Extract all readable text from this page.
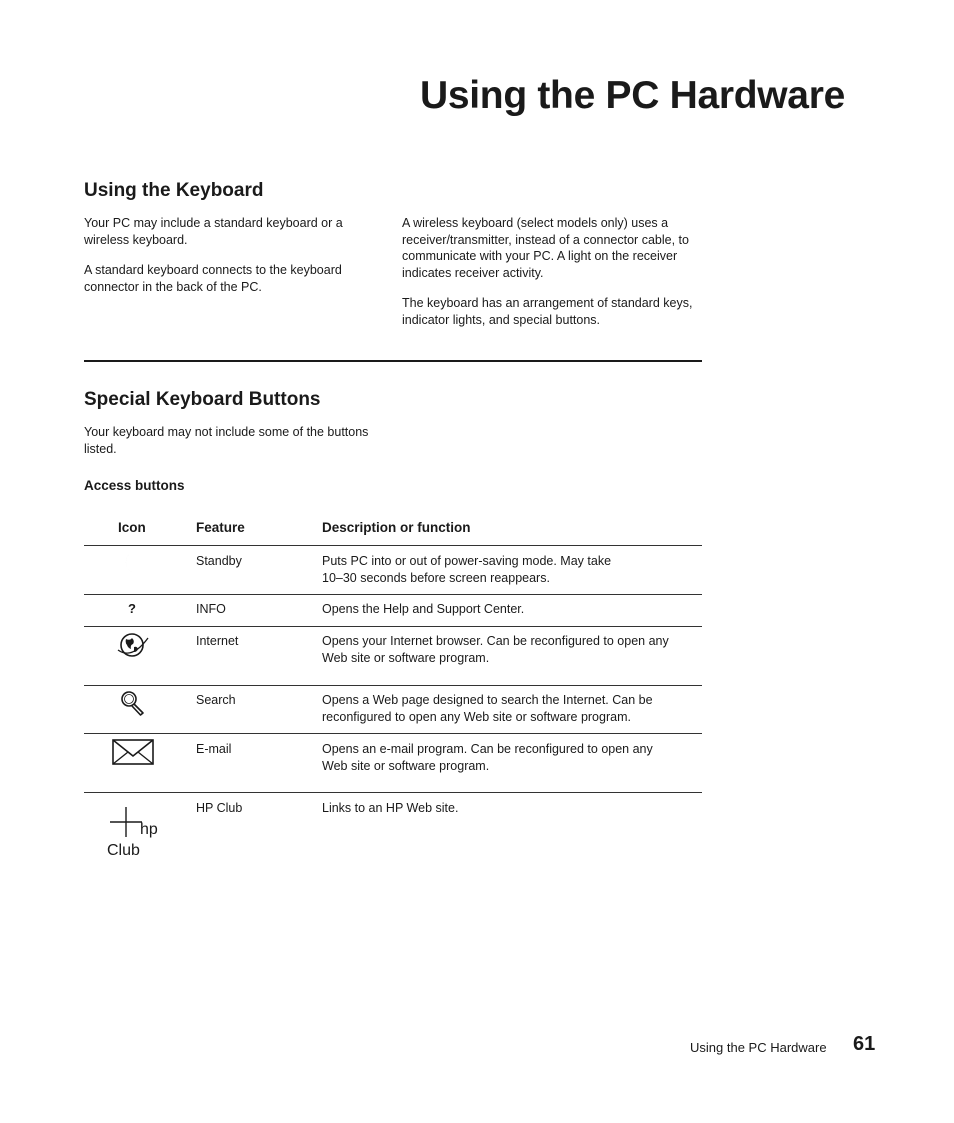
Using the PC Hardware
Using the Keyboard

Your PC may include a standard keyboard or a wireless keyboard.

A standard keyboard connects to the keyboard connector in the back of the PC.

A wireless keyboard (select models only) uses a receiver/transmitter, instead of a connector cable, to communicate with your PC. A light on the receiver indicates receiver activity.

The keyboard has an arrangement of standard keys, indicator lights, and special buttons.

Special Keyboard Buttons

Your keyboard may not include some of the buttons listed.

Access buttons
Icon	Feature	Description or function
Standby	Puts PC into or out of power-saving mode. May take
10–30 seconds before screen reappears.
?	INFO	Opens the Help and Support Center.
Internet	Opens your Internet browser. Can be reconfigured to open any
Web site or software program.
Search	Opens a Web page designed to search the Internet. Can be
reconfigured to open any Web site or software program.
E-mail	Opens an e-mail program. Can be reconfigured to open any
Web site or software program.
hp
Club
HP Club	Links to an HP Web site.
Using the PC Hardware 61
